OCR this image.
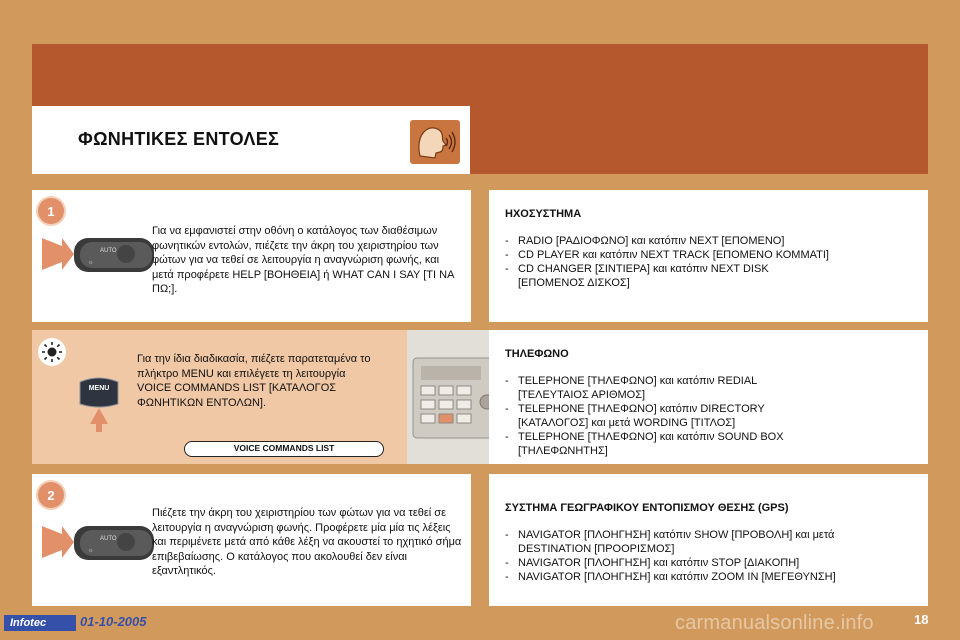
ΦΩΝΗΤΙΚΕΣ ΕΝΤΟΛΕΣ
1
AUTO
☼
Για να εμφανιστεί στην οθόνη ο κατάλογος των διαθέσιμων φωνητικών εντολών, πιέζετε την άκρη του χειριστηρίου των φώτων για να τεθεί σε λειτουργία η αναγνώριση φωνής, και μετά προφέρετε HELP [ΒΟΗΘΕΙΑ] ή WHAT CAN I SAY [ΤΙ ΝΑ ΠΩ;].
MENU
Για την ίδια διαδικασία, πιέζετε παρατεταμένα το πλήκτρο MENU και επιλέγετε τη λειτουργία VOICE COMMANDS LIST [ΚΑΤΑΛΟΓΟΣ ΦΩΝΗΤΙΚΩΝ ΕΝΤΟΛΩΝ].
VOICE COMMANDS LIST
2
AUTO
☼
Πιέζετε την άκρη του χειριστηρίου των φώτων για να τεθεί σε λειτουργία η αναγνώριση φωνής. Προφέρετε μία μία τις λέξεις και περιμένετε μετά από κάθε λέξη να ακουστεί το ηχητικό σήμα επιβεβαίωσης. Ο κατάλογος που ακολουθεί δεν είναι εξαντλητικός.
ΗΧΟΣΥΣΤΗΜΑ
- RADIO [ΡΑΔΙΟΦΩΝΟ] και κατόπιν NEXT [ΕΠΟΜΕΝΟ]
- CD PLAYER και κατόπιν NEXT TRACK [ΕΠΟΜΕΝΟ ΚΟΜΜΑΤΙ]
- CD CHANGER [ΣΙΝΤΙΕΡΑ] και κατόπιν NEXT DISK [ΕΠΟΜΕΝΟΣ ΔΙΣΚΟΣ]
ΤΗΛΕΦΩΝΟ
- TELEPHONE [ΤΗΛΕΦΩΝΟ] και κατόπιν REDIAL [ΤΕΛΕΥΤΑΙΟΣ ΑΡΙΘΜΟΣ]
- TELEPHONE [ΤΗΛΕΦΩΝΟ] κατόπιν DIRECTORY [ΚΑΤΑΛΟΓΟΣ] και μετά WORDING [ΤΙΤΛΟΣ]
- TELEPHONE [ΤΗΛΕΦΩΝΟ] και κατόπιν SOUND BOX [ΤΗΛΕΦΩΝΗΤΗΣ]
ΣΥΣΤΗΜΑ ΓΕΩΓΡΑΦΙΚΟΥ ΕΝΤΟΠΙΣΜΟΥ ΘΕΣΗΣ (GPS)
- NAVIGATOR [ΠΛΟΗΓΗΣΗ] κατόπιν SHOW [ΠΡΟΒΟΛΗ] και μετά DESTINATION [ΠΡΟΟΡΙΣΜΟΣ]
- NAVIGATOR [ΠΛΟΗΓΗΣΗ] και κατόπιν STOP [ΔΙΑΚΟΠΗ]
- NAVIGATOR [ΠΛΟΗΓΗΣΗ] και κατόπιν ZOOM IN [ΜΕΓΕΘΥΝΣΗ]
Infotec	01-10-2005	carmanualsonline.info	18
